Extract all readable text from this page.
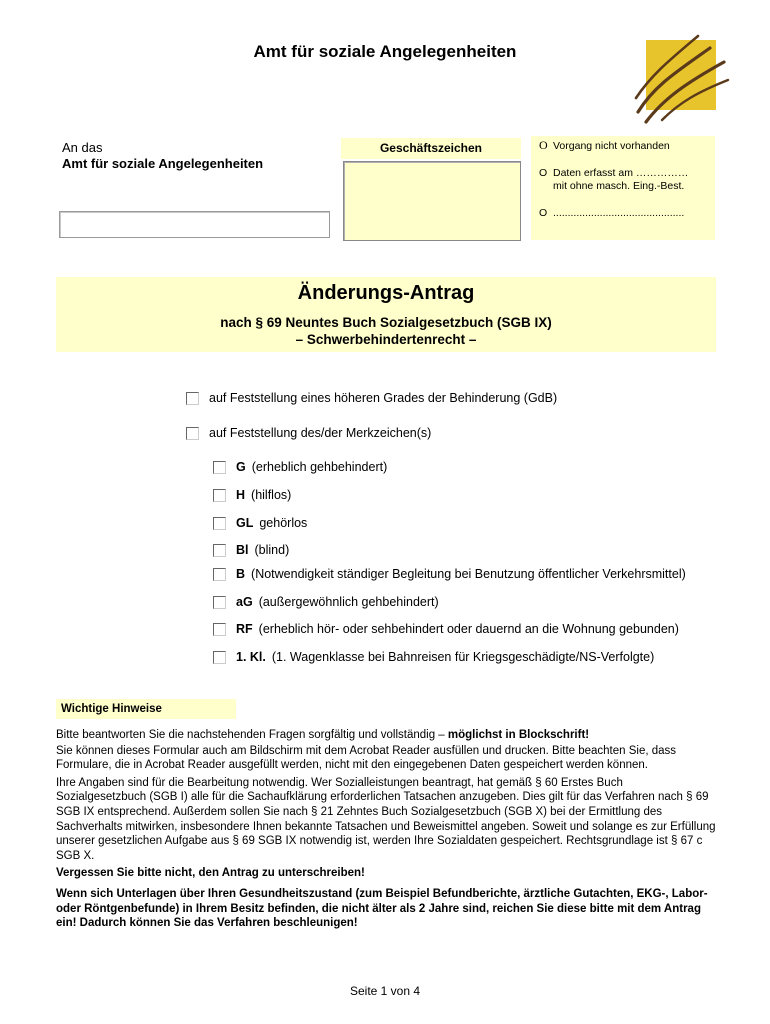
Amt für soziale Angelegenheiten
An das
Amt für soziale Angelegenheiten
Geschäftszeichen	O Vorgang nicht vorhanden
O Daten erfasst am ……………
mit ohne masch. Eing.-Best.
O .............................................
Änderungs-Antrag
nach § 69 Neuntes Buch Sozialgesetzbuch (SGB IX)
– Schwerbehindertenrecht –
auf Feststellung eines höheren Grades der Behinderung (GdB)
auf Feststellung des/der Merkzeichen(s)
G (erheblich gehbehindert)
H (hilflos)
GL gehörlos
Bl (blind)
B (Notwendigkeit ständiger Begleitung bei Benutzung öffentlicher Verkehrsmittel)
aG (außergewöhnlich gehbehindert)
RF (erheblich hör- oder sehbehindert oder dauernd an die Wohnung gebunden)
1. Kl. (1. Wagenklasse bei Bahnreisen für Kriegsgeschädigte/NS-Verfolgte)
Wichtige Hinweise

Bitte beantworten Sie die nachstehenden Fragen sorgfältig und vollständig – möglichst in Blockschrift!

Sie können dieses Formular auch am Bildschirm mit dem Acrobat Reader ausfüllen und drucken. Bitte beachten Sie, dass Formulare, die in Acrobat Reader ausgefüllt werden, nicht mit den eingegebenen Daten gespeichert werden können.

Ihre Angaben sind für die Bearbeitung notwendig. Wer Sozialleistungen beantragt, hat gemäß § 60 Erstes Buch Sozialgesetzbuch (SGB I) alle für die Sachaufklärung erforderlichen Tatsachen anzugeben. Dies gilt für das Verfahren nach § 69 SGB IX entsprechend. Außerdem sollen Sie nach § 21 Zehntes Buch Sozialgesetzbuch (SGB X) bei der Ermittlung des Sachverhalts mitwirken, insbesondere Ihnen bekannte Tatsachen und Beweismittel angeben. Soweit und solange es zur Erfüllung unserer gesetzlichen Aufgabe aus § 69 SGB IX notwendig ist, werden Ihre Sozialdaten gespeichert. Rechtsgrundlage ist § 67 c SGB X.

Vergessen Sie bitte nicht, den Antrag zu unterschreiben!

Wenn sich Unterlagen über Ihren Gesundheitszustand (zum Beispiel Befundberichte, ärztliche Gutachten, EKG-, Labor- oder Röntgenbefunde) in Ihrem Besitz befinden, die nicht älter als 2 Jahre sind, reichen Sie diese bitte mit dem Antrag ein! Dadurch können Sie das Verfahren beschleunigen!

Seite 1 von 4
